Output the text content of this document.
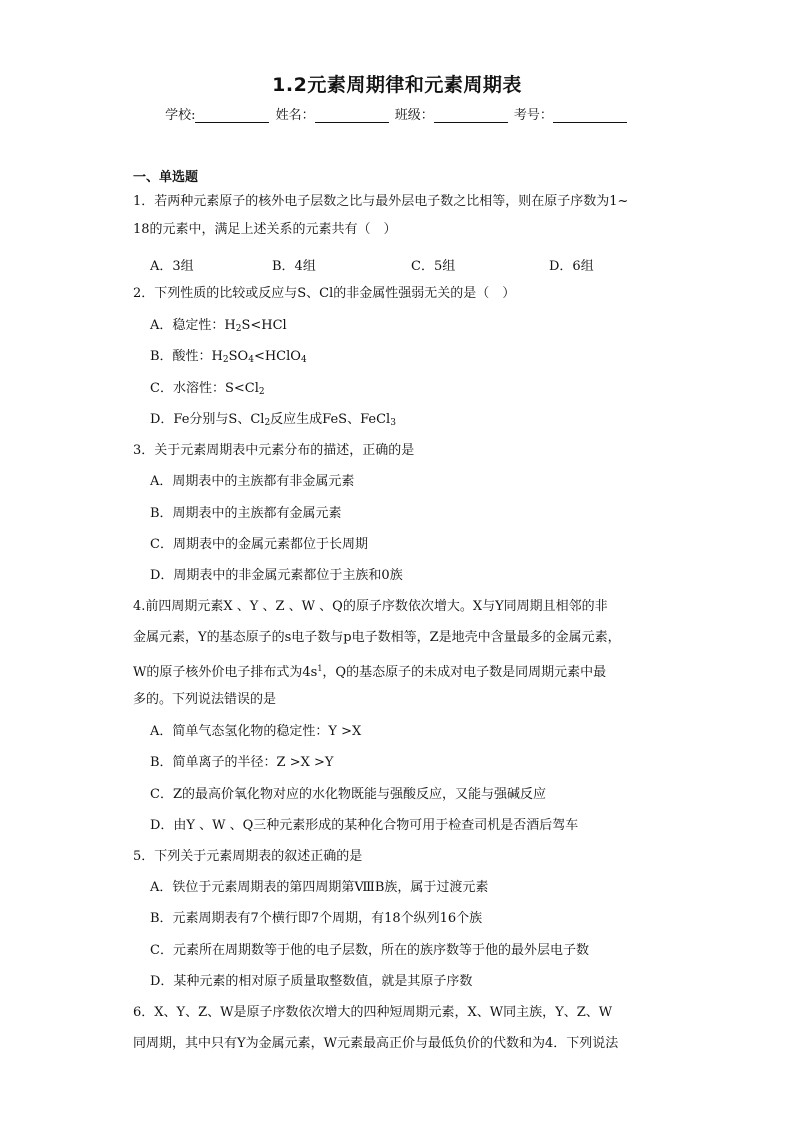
1.2元素周期律和元素周期表
学校:	姓名：	班级：	考号：
一、单选题
1．若两种元素原子的核外电子层数之比与最外层电子数之比相等，则在原子序数为1~
18的元素中，满足上述关系的元素共有（　）
A．3组	B．4组	C．5组	D．6组
2．下列性质的比较或反应与S、Cl的非金属性强弱无关的是（　）
A．稳定性：$H_2S<HCl$
B．酸性：$H_2SO_4<HClO_4$
C．水溶性：$S<Cl_2$
D．Fe分别与S、$Cl_2$反应生成FeS、FeCl$_3$
3．关于元素周期表中元素分布的描述，正确的是
A．周期表中的主族都有非金属元素
B．周期表中的主族都有金属元素
C．周期表中的金属元素都位于长周期
D．周期表中的非金属元素都位于主族和0族
4.前四周期元素X 、Y 、Z 、W 、Q的原子序数依次增大。X与Y同周期且相邻的非
金属元素，Y的基态原子的s电子数与p电子数相等，Z是地壳中含量最多的金属元素，
W的原子核外价电子排布式为$4s^1$，Q的基态原子的未成对电子数是同周期元素中最
多的。下列说法错误的是
A．简单气态氢化物的稳定性：Y >X
B．简单离子的半径：Z >X >Y
C．Z的最高价氧化物对应的水化物既能与强酸反应，又能与强碱反应
D．由Y 、W 、Q三种元素形成的某种化合物可用于检查司机是否酒后驾车
5．下列关于元素周期表的叙述正确的是
A．铁位于元素周期表的第四周期第ⅧB族，属于过渡元素
B．元素周期表有7个横行即7个周期，有18个纵列16个族
C．元素所在周期数等于他的电子层数，所在的族序数等于他的最外层电子数
D．某种元素的相对原子质量取整数值，就是其原子序数
6．X、Y、Z、W是原子序数依次增大的四种短周期元素，X、W同主族，Y、Z、W
同周期，其中只有Y为金属元素，W元素最高正价与最低负价的代数和为4．下列说法
